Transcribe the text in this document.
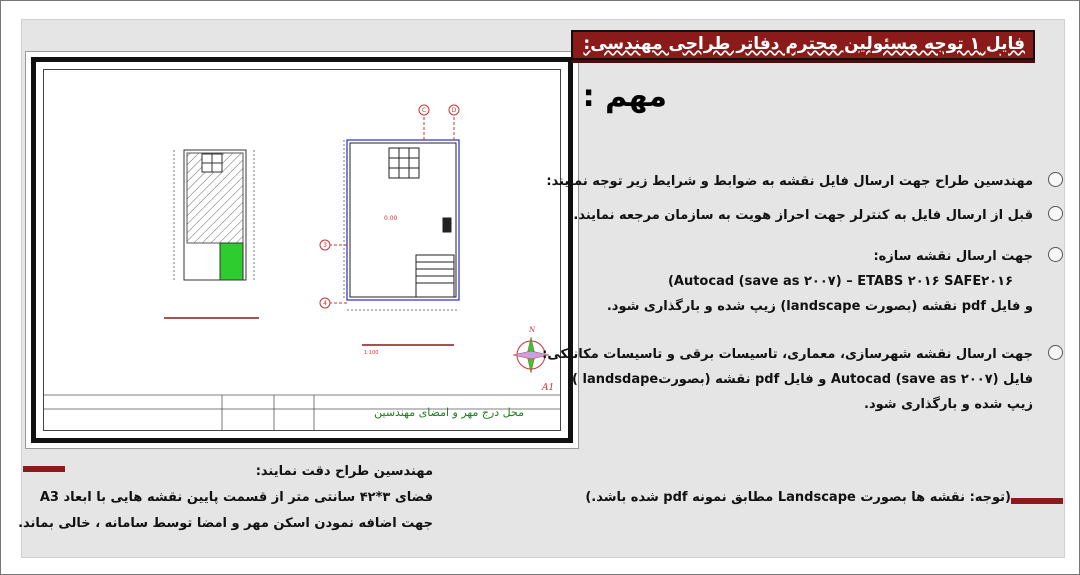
C	D
3
4
0.00
1:100
N
A1
محل درج مهر و امضای مهندسین
فایل ۱ توجه مسئولین محترم دفاتر طراحی مهندسی:
مهم :
مهندسین طراح جهت ارسال فایل نقشه به ضوابط و شرایط زیر توجه نمایند:
قبل از ارسال فایل به کنترلر جهت احراز هویت به سازمان مرجعه نمایند.
جهت ارسال نقشه سازه:
Autocad (save as ۲۰۰۷) – ETABS ۲۰۱۶ SAFE۲۰۱۶)
و فایل pdf نقشه (بصورت landscape) زیپ شده و بارگذاری شود.
جهت ارسال نقشه شهرسازی، معماری، تاسیسات برقی و تاسیسات مکانیکی:
فایل (Autocad (save as ۲۰۰۷ و فایل pdf نقشه (بصورتlandsdape )
زیپ شده و بارگذاری شود.
مهندسین طراح دقت نمایند:
فضای ۳*۴۲ سانتی متر از قسمت پایین نقشه هایی با ابعاد A3
جهت اضافه نمودن اسکن مهر و امضا توسط سامانه ، خالی بماند.
(توجه: نقشه ها بصورت Landscape مطابق نمونه pdf شده باشد.)
